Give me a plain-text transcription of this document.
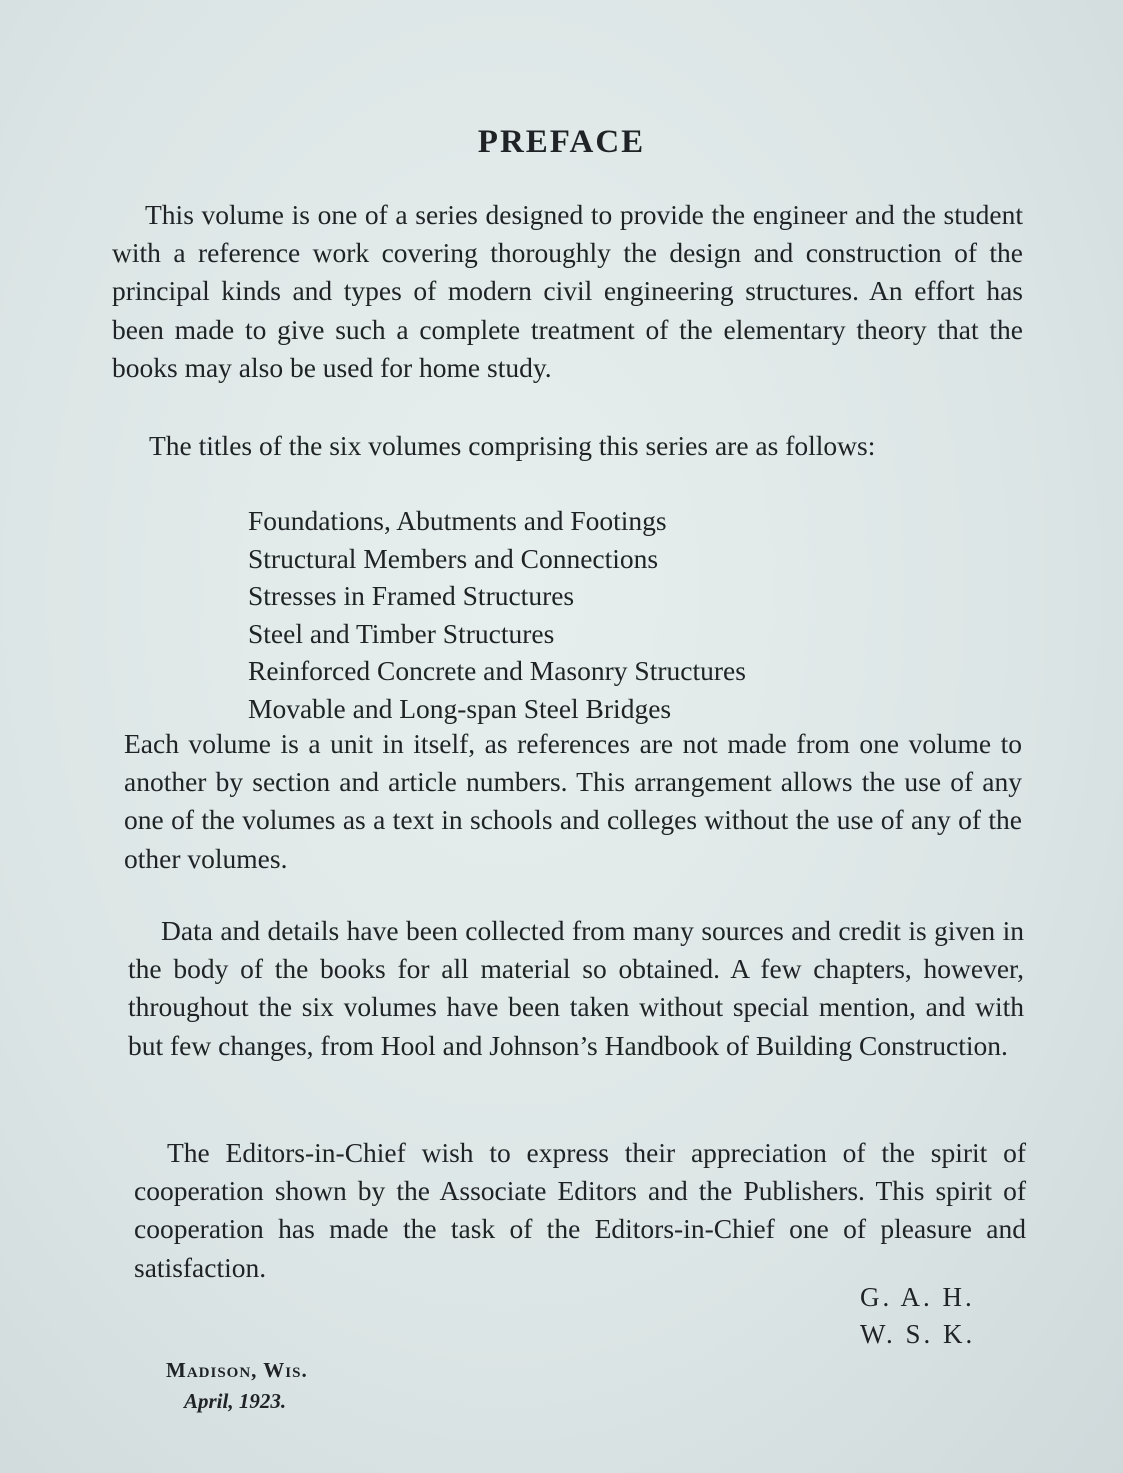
PREFACE

This volume is one of a series designed to provide the engineer and the student with a reference work covering thoroughly the design and construction of the principal kinds and types of modern civil engineering structures. An effort has been made to give such a complete treatment of the elementary theory that the books may also be used for home study.

The titles of the six volumes comprising this series are as follows:

Foundations, Abutments and Footings
Structural Members and Connections
Stresses in Framed Structures
Steel and Timber Structures
Reinforced Concrete and Masonry Structures
Movable and Long-span Steel Bridges

Each volume is a unit in itself, as references are not made from one volume to another by section and article numbers. This arrangement allows the use of any one of the volumes as a text in schools and colleges without the use of any of the other volumes.

Data and details have been collected from many sources and credit is given in the body of the books for all material so obtained. A few chapters, however, throughout the six volumes have been taken without special mention, and with but few changes, from Hool and Johnson’s Handbook of Building Construction.

The Editors-in-Chief wish to express their appreciation of the spirit of cooperation shown by the Associate Editors and the Publishers. This spirit of cooperation has made the task of the Editors-in-Chief one of pleasure and satisfaction.

G. A. H.
W. S. K.
Madison, Wis.
April, 1923.
